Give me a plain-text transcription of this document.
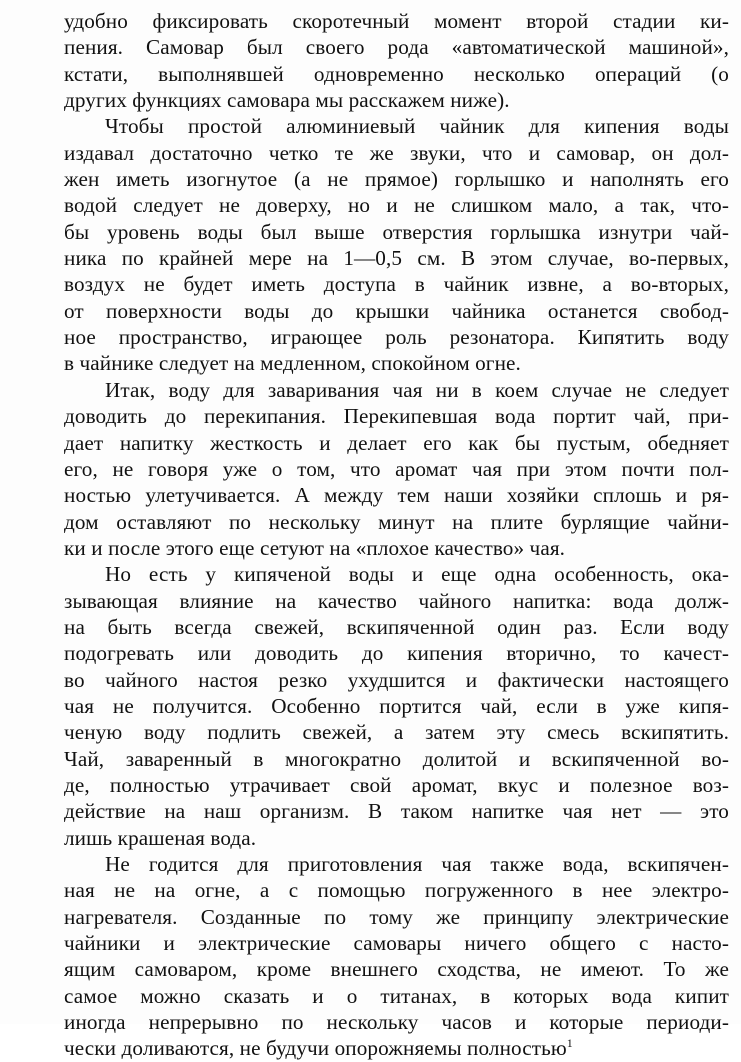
удобно фиксировать скоротечный момент второй стадии ки-
пения. Самовар был своего рода «автоматической машиной»,
кстати, выполнявшей одновременно несколько операций (о
других функциях самовара мы расскажем ниже).
Чтобы простой алюминиевый чайник для кипения воды
издавал достаточно четко те же звуки, что и самовар, он дол-
жен иметь изогнутое (а не прямое) горлышко и наполнять его
водой следует не доверху, но и не слишком мало, а так, что-
бы уровень воды был выше отверстия горлышка изнутри чай-
ника по крайней мере на 1—0,5 см. В этом случае, во-первых,
воздух не будет иметь доступа в чайник извне, а во-вторых,
от поверхности воды до крышки чайника останется свобод-
ное пространство, играющее роль резонатора. Кипятить воду
в чайнике следует на медленном, спокойном огне.
Итак, воду для заваривания чая ни в коем случае не следует
доводить до перекипания. Перекипевшая вода портит чай, при-
дает напитку жесткость и делает его как бы пустым, обедняет
его, не говоря уже о том, что аромат чая при этом почти пол-
ностью улетучивается. А между тем наши хозяйки сплошь и ря-
дом оставляют по нескольку минут на плите бурлящие чайни-
ки и после этого еще сетуют на «плохое качество» чая.
Но есть у кипяченой воды и еще одна особенность, ока-
зывающая влияние на качество чайного напитка: вода долж-
на быть всегда свежей, вскипяченной один раз. Если воду
подогревать или доводить до кипения вторично, то качест-
во чайного настоя резко ухудшится и фактически настоящего
чая не получится. Особенно портится чай, если в уже кипя-
ченую воду подлить свежей, а затем эту смесь вскипятить.
Чай, заваренный в многократно долитой и вскипяченной во-
де, полностью утрачивает свой аромат, вкус и полезное воз-
действие на наш организм. В таком напитке чая нет — это
лишь крашеная вода.
Не годится для приготовления чая также вода, вскипячен-
ная не на огне, а с помощью погруженного в нее электро-
нагревателя. Созданные по тому же принципу электрические
чайники и электрические самовары ничего общего с насто-
ящим самоваром, кроме внешнего сходства, не имеют. То же
самое можно сказать и о титанах, в которых вода кипит
иногда непрерывно по нескольку часов и которые периоди-
чески доливаются, не будучи опорожняемы полностью$^1$
